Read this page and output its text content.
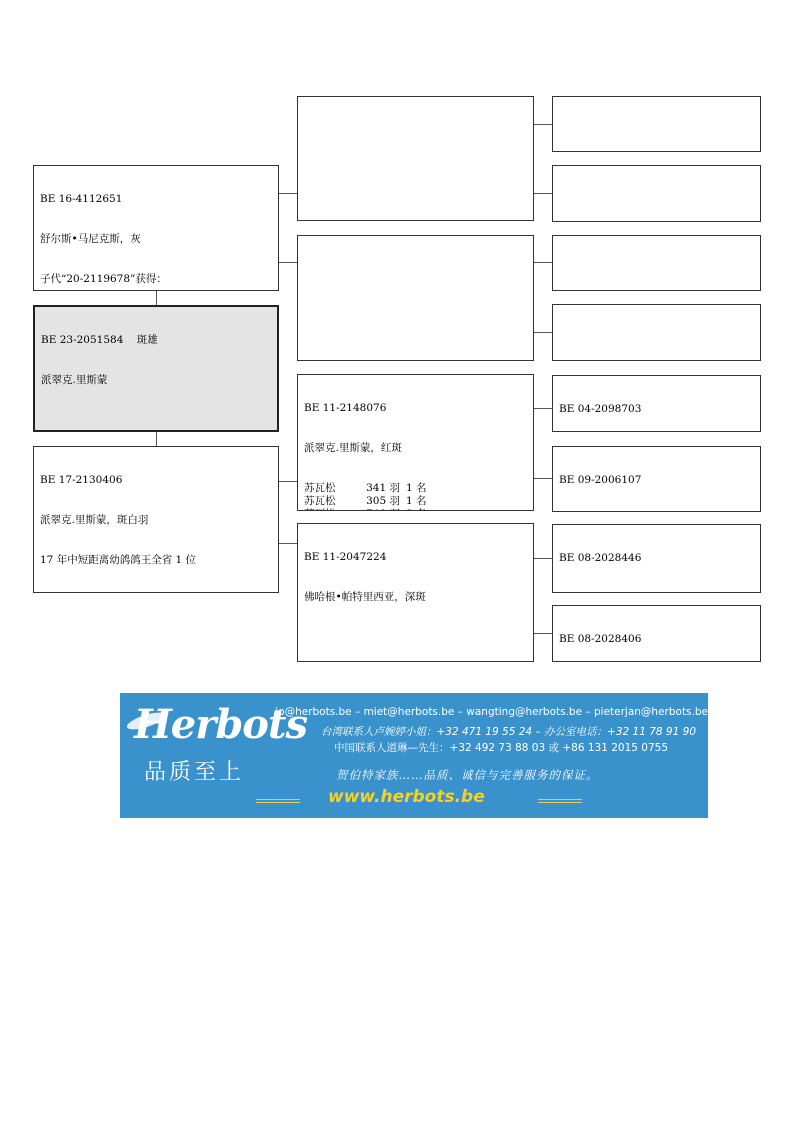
BE 16-4112651

舒尔斯•马尼克斯，灰

子代“20-2119678”获得：

BE 23-2051584 斑雄

派翠克.里斯蒙

BE 17-2130406

派翠克.里斯蒙，斑白羽

17 年中短距离幼鸽鸽王全省 1 位

BE 11-2148076

派翠克.里斯蒙，红斑

苏瓦松	341 羽	1 名
苏瓦松	305 羽	1 名

BE 11-2047224

佛哈根•帕特里西亚，深斑

BE 04-2098703

BE 09-2006107

BE 08-2028446

BE 08-2028406

Herbots
品质至上
jo@herbots.be – miet@herbots.be – wangting@herbots.be – pieterjan@herbots.be
台湾联系人卢婉婷小姐：+32 471 19 55 24 – 办公室电话：+32 11 78 91 90
中国联系人道琳—先生：+32 492 73 88 03 或 +86 131 2015 0755
贺伯特家族……品质、诚信与完善服务的保证。
www.herbots.be
